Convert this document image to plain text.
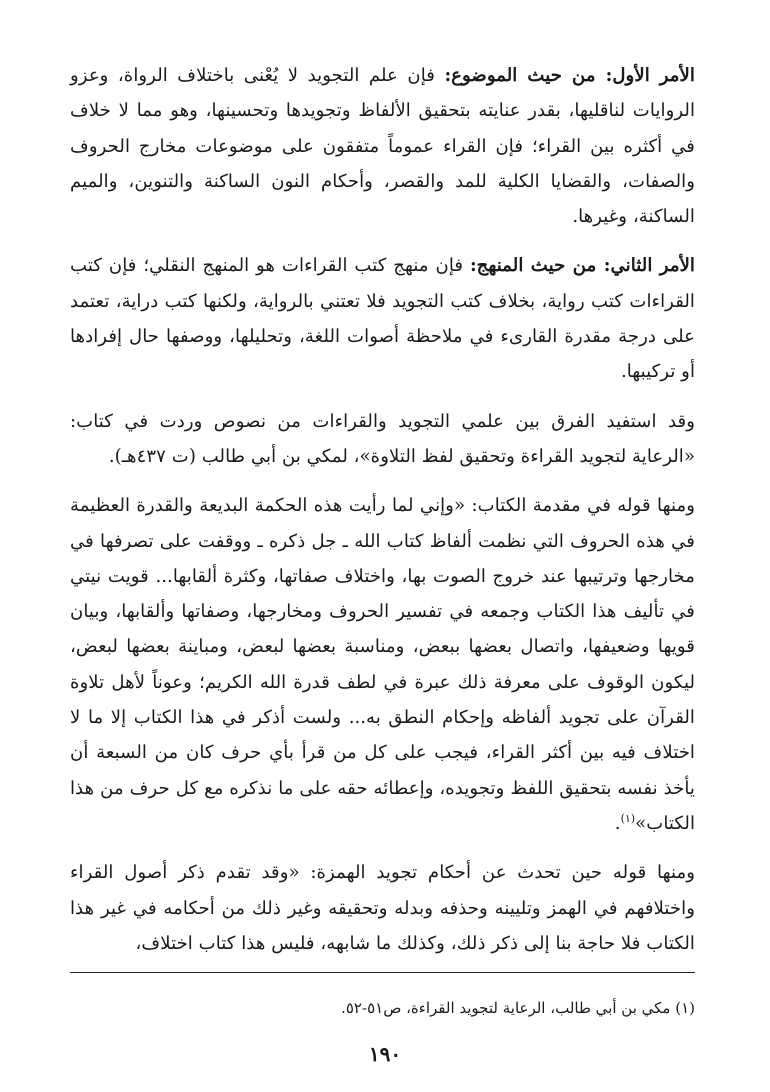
الأمر الأول: من حيث الموضوع: فإن علم التجويد لا يُعْنى باختلاف الرواة، وعزو الروايات لناقليها، بقدر عنايته بتحقيق الألفاظ وتجويدها وتحسينها، وهو مما لا خلاف في أكثره بين القراء؛ فإن القراء عموماً متفقون على موضوعات مخارج الحروف والصفات، والقضايا الكلية للمد والقصر، وأحكام النون الساكنة والتنوين، والميم الساكنة، وغيرها.

الأمر الثاني: من حيث المنهج: فإن منهج كتب القراءات هو المنهج النقلي؛ فإن كتب القراءات كتب رواية، بخلاف كتب التجويد فلا تعتني بالرواية، ولكنها كتب دراية، تعتمد على درجة مقدرة القارىء في ملاحظة أصوات اللغة، وتحليلها، ووصفها حال إفرادها أو تركيبها.

وقد استفيد الفرق بين علمي التجويد والقراءات من نصوص وردت في كتاب: «الرعاية لتجويد القراءة وتحقيق لفظ التلاوة»، لمكي بن أبي طالب (ت ٤٣٧هـ).

ومنها قوله في مقدمة الكتاب: «وإني لما رأيت هذه الحكمة البديعة والقدرة العظيمة في هذه الحروف التي نظمت ألفاظ كتاب الله ـ جل ذكره ـ ووقفت على تصرفها في مخارجها وترتيبها عند خروج الصوت بها، واختلاف صفاتها، وكثرة ألقابها... قويت نيتي في تأليف هذا الكتاب وجمعه في تفسير الحروف ومخارجها، وصفاتها وألقابها، وبيان قويها وضعيفها، واتصال بعضها ببعض، ومناسبة بعضها لبعض، ومباينة بعضها لبعض، ليكون الوقوف على معرفة ذلك عبرة في لطف قدرة الله الكريم؛ وعوناً لأهل تلاوة القرآن على تجويد ألفاظه وإحكام النطق به... ولست أذكر في هذا الكتاب إلا ما لا اختلاف فيه بين أكثر القراء، فيجب على كل من قرأ بأي حرف كان من السبعة أن يأخذ نفسه بتحقيق اللفظ وتجويده، وإعطائه حقه على ما نذكره مع كل حرف من هذا الكتاب»$^{(١)}$.

ومنها قوله حين تحدث عن أحكام تجويد الهمزة: «وقد تقدم ذكر أصول القراء واختلافهم في الهمز وتليينه وحذفه وبدله وتحقيقه وغير ذلك من أحكامه في غير هذا الكتاب فلا حاجة بنا إلى ذكر ذلك، وكذلك ما شابهه، فليس هذا كتاب اختلاف،

(١) مكي بن أبي طالب، الرعاية لتجويد القراءة، ص٥١-٥٢.
١٩٠
